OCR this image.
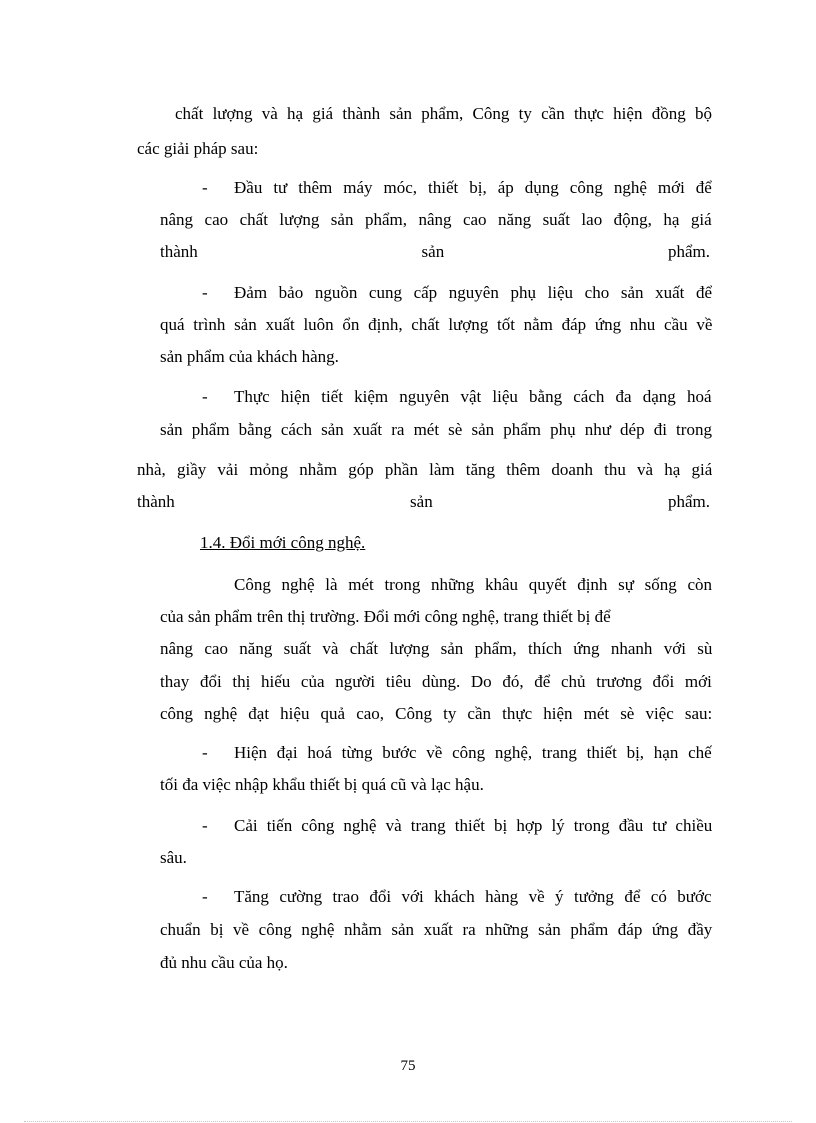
chất lượng và hạ giá thành sản phẩm, Công ty cần thực hiện đồng bộ

các giải pháp sau:

- Đầu tư thêm máy móc, thiết bị, áp dụng công nghệ mới để

nâng cao chất lượng sản phẩm, nâng cao năng suất lao động, hạ giá

thành	sản	phẩm.
- Đảm bảo nguồn cung cấp nguyên phụ liệu cho sản xuất để

quá trình sản xuất luôn ổn định, chất lượng tốt nằm đáp ứng nhu cầu về

sản phẩm của khách hàng.

- Thực hiện tiết kiệm nguyên vật liệu bằng cách đa dạng hoá

sản phẩm bằng cách sản xuất ra mét sè sản phẩm phụ như dép đi trong

nhà, giầy vải mỏng nhằm góp phần làm tăng thêm doanh thu và hạ giá

thành	sản	phẩm.
1.4. Đổi mới công nghệ.

Công nghệ là mét trong những khâu quyết định sự sống còn

của sản phẩm trên thị trường. Đổi mới công nghệ, trang thiết bị để

nâng cao năng suất và chất lượng sản phẩm, thích ứng nhanh với sù

thay đổi thị hiếu của người tiêu dùng. Do đó, để chủ trương đổi mới

công nghệ đạt hiệu quả cao, Công ty cần thực hiện mét sè việc sau:

- Hiện đại hoá từng bước về công nghệ, trang thiết bị, hạn chế

tối đa việc nhập khẩu thiết bị quá cũ và lạc hậu.

- Cải tiến công nghệ và trang thiết bị hợp lý trong đầu tư chiều

sâu.

- Tăng cường trao đổi với khách hàng về ý tưởng để có bước

chuẩn bị về công nghệ nhằm sản xuất ra những sản phẩm đáp ứng đầy

đủ nhu cầu của họ.

75
